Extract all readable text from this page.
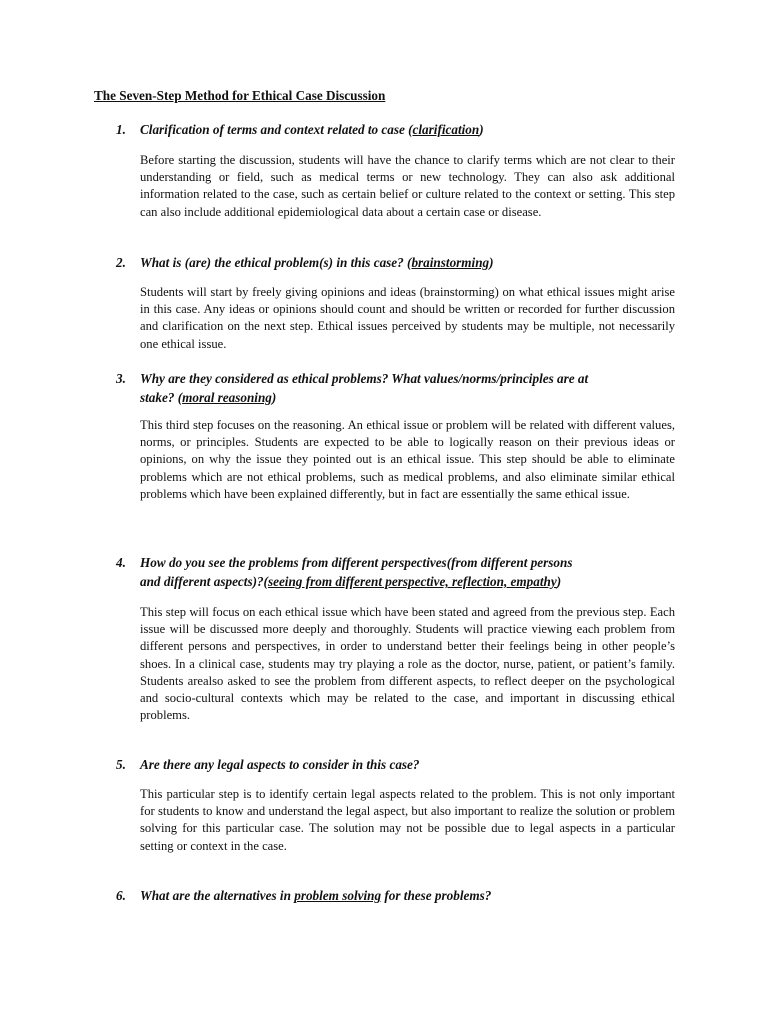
The Seven-Step Method for Ethical Case Discussion
1. Clarification of terms and context related to case (clarification)
Before starting the discussion, students will have the chance to clarify terms which are not clear to their understanding or field, such as medical terms or new technology. They can also ask additional information related to the case, such as certain belief or culture related to the context or setting. This step can also include additional epidemiological data about a certain case or disease.
2. What is (are) the ethical problem(s) in this case? (brainstorming)
Students will start by freely giving opinions and ideas (brainstorming) on what ethical issues might arise in this case. Any ideas or opinions should count and should be written or recorded for further discussion and clarification on the next step. Ethical issues perceived by students may be multiple, not necessarily one ethical issue.
3. Why are they considered as ethical problems? What values/norms/principles are at
stake? (moral reasoning)
This third step focuses on the reasoning. An ethical issue or problem will be related with different values, norms, or principles. Students are expected to be able to logically reason on their previous ideas or opinions, on why the issue they pointed out is an ethical issue. This step should be able to eliminate problems which are not ethical problems, such as medical problems, and also eliminate similar ethical problems which have been explained differently, but in fact are essentially the same ethical issue.
4. How do you see the problems from different perspectives(from different persons
and different aspects)?(seeing from different perspective, reflection, empathy)
This step will focus on each ethical issue which have been stated and agreed from the previous step. Each issue will be discussed more deeply and thoroughly. Students will practice viewing each problem from different persons and perspectives, in order to understand better their feelings being in other people’s shoes. In a clinical case, students may try playing a role as the doctor, nurse, patient, or patient’s family. Students arealso asked to see the problem from different aspects, to reflect deeper on the psychological and socio-cultural contexts which may be related to the case, and important in discussing ethical problems.
5. Are there any legal aspects to consider in this case?
This particular step is to identify certain legal aspects related to the problem. This is not only important for students to know and understand the legal aspect, but also important to realize the solution or problem solving for this particular case. The solution may not be possible due to legal aspects in a particular setting or context in the case.
6. What are the alternatives in problem solving for these problems?
